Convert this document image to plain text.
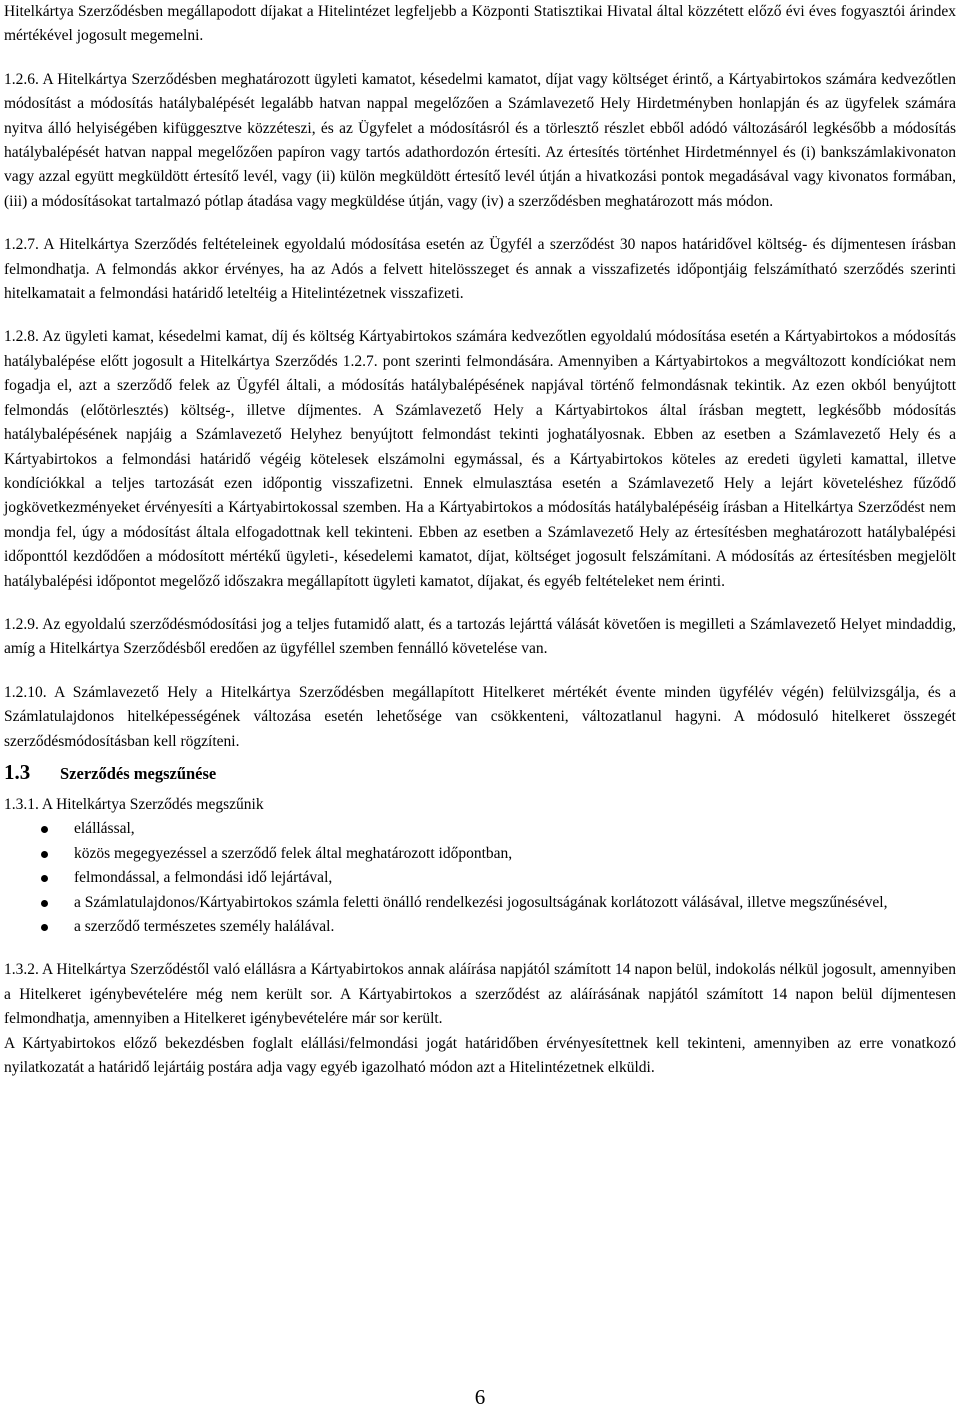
Hitelkártya Szerződésben megállapodott díjakat a Hitelintézet legfeljebb a Központi Statisztikai Hivatal által közzétett előző évi éves fogyasztói árindex mértékével jogosult megemelni.

1.2.6. A Hitelkártya Szerződésben meghatározott ügyleti kamatot, késedelmi kamatot, díjat vagy költséget érintő, a Kártyabirtokos számára kedvezőtlen módosítást a módosítás hatálybalépését legalább hatvan nappal megelőzően a Számlavezető Hely Hirdetményben honlapján és az ügyfelek számára nyitva álló helyiségében kifüggesztve közzéteszi, és az Ügyfelet a módosításról és a törlesztő részlet ebből adódó változásáról legkésőbb a módosítás hatálybalépését hatvan nappal megelőzően papíron vagy tartós adathordozón értesíti. Az értesítés történhet Hirdetménnyel és (i) bankszámlakivonaton vagy azzal együtt megküldött értesítő levél, vagy (ii) külön megküldött értesítő levél útján a hivatkozási pontok megadásával vagy kivonatos formában, (iii) a módosításokat tartalmazó pótlap átadása vagy megküldése útján, vagy (iv) a szerződésben meghatározott más módon.

1.2.7. A Hitelkártya Szerződés feltételeinek egyoldalú módosítása esetén az Ügyfél a szerződést 30 napos határidővel költség- és díjmentesen írásban felmondhatja. A felmondás akkor érvényes, ha az Adós a felvett hitelösszeget és annak a visszafizetés időpontjáig felszámítható szerződés szerinti hitelkamatait a felmondási határidő leteltéig a Hitelintézetnek visszafizeti.

1.2.8. Az ügyleti kamat, késedelmi kamat, díj és költség Kártyabirtokos számára kedvezőtlen egyoldalú módosítása esetén a Kártyabirtokos a módosítás hatálybalépése előtt jogosult a Hitelkártya Szerződés 1.2.7. pont szerinti felmondására. Amennyiben a Kártyabirtokos a megváltozott kondíciókat nem fogadja el, azt a szerződő felek az Ügyfél általi, a módosítás hatálybalépésének napjával történő felmondásnak tekintik. Az ezen okból benyújtott felmondás (előtörlesztés) költség-, illetve díjmentes. A Számlavezető Hely a Kártyabirtokos által írásban megtett, legkésőbb módosítás hatálybalépésének napjáig a Számlavezető Helyhez benyújtott felmondást tekinti joghatályosnak. Ebben az esetben a Számlavezető Hely és a Kártyabirtokos a felmondási határidő végéig kötelesek elszámolni egymással, és a Kártyabirtokos köteles az eredeti ügyleti kamattal, illetve kondíciókkal a teljes tartozását ezen időpontig visszafizetni. Ennek elmulasztása esetén a Számlavezető Hely a lejárt követeléshez fűződő jogkövetkezményeket érvényesíti a Kártyabirtokossal szemben. Ha a Kártyabirtokos a módosítás hatálybalépéséig írásban a Hitelkártya Szerződést nem mondja fel, úgy a módosítást általa elfogadottnak kell tekinteni. Ebben az esetben a Számlavezető Hely az értesítésben meghatározott hatálybalépési időponttól kezdődően a módosított mértékű ügyleti-, késedelemi kamatot, díjat, költséget jogosult felszámítani. A módosítás az értesítésben megjelölt hatálybalépési időpontot megelőző időszakra megállapított ügyleti kamatot, díjakat, és egyéb feltételeket nem érinti.

1.2.9. Az egyoldalú szerződésmódosítási jog a teljes futamidő alatt, és a tartozás lejárttá válását követően is megilleti a Számlavezető Helyet mindaddig, amíg a Hitelkártya Szerződésből eredően az ügyféllel szemben fennálló követelése van.

1.2.10. A Számlavezető Hely a Hitelkártya Szerződésben megállapított Hitelkeret mértékét évente minden ügyfélév végén) felülvizsgálja, és a Számlatulajdonos hitelképességének változása esetén lehetősége van csökkenteni, változatlanul hagyni. A módosuló hitelkeret összegét szerződésmódosításban kell rögzíteni.

1.3	Szerződés megszűnése

1.3.1. A Hitelkártya Szerződés megszűnik

elállással,
közös megegyezéssel a szerződő felek által meghatározott időpontban,
felmondással, a felmondási idő lejártával,
a Számlatulajdonos/Kártyabirtokos számla feletti önálló rendelkezési jogosultságának korlátozott válásával, illetve megszűnésével,
a szerződő természetes személy halálával.

1.3.2. A Hitelkártya Szerződéstől való elállásra a Kártyabirtokos annak aláírása napjától számított 14 napon belül, indokolás nélkül jogosult, amennyiben a Hitelkeret igénybevételére még nem került sor. A Kártyabirtokos a szerződést az aláírásának napjától számított 14 napon belül díjmentesen felmondhatja, amennyiben a Hitelkeret igénybevételére már sor került.

A Kártyabirtokos előző bekezdésben foglalt elállási/felmondási jogát határidőben érvényesítettnek kell tekinteni, amennyiben az erre vonatkozó nyilatkozatát a határidő lejártáig postára adja vagy egyéb igazolható módon azt a Hitelintézetnek elküldi.

6
